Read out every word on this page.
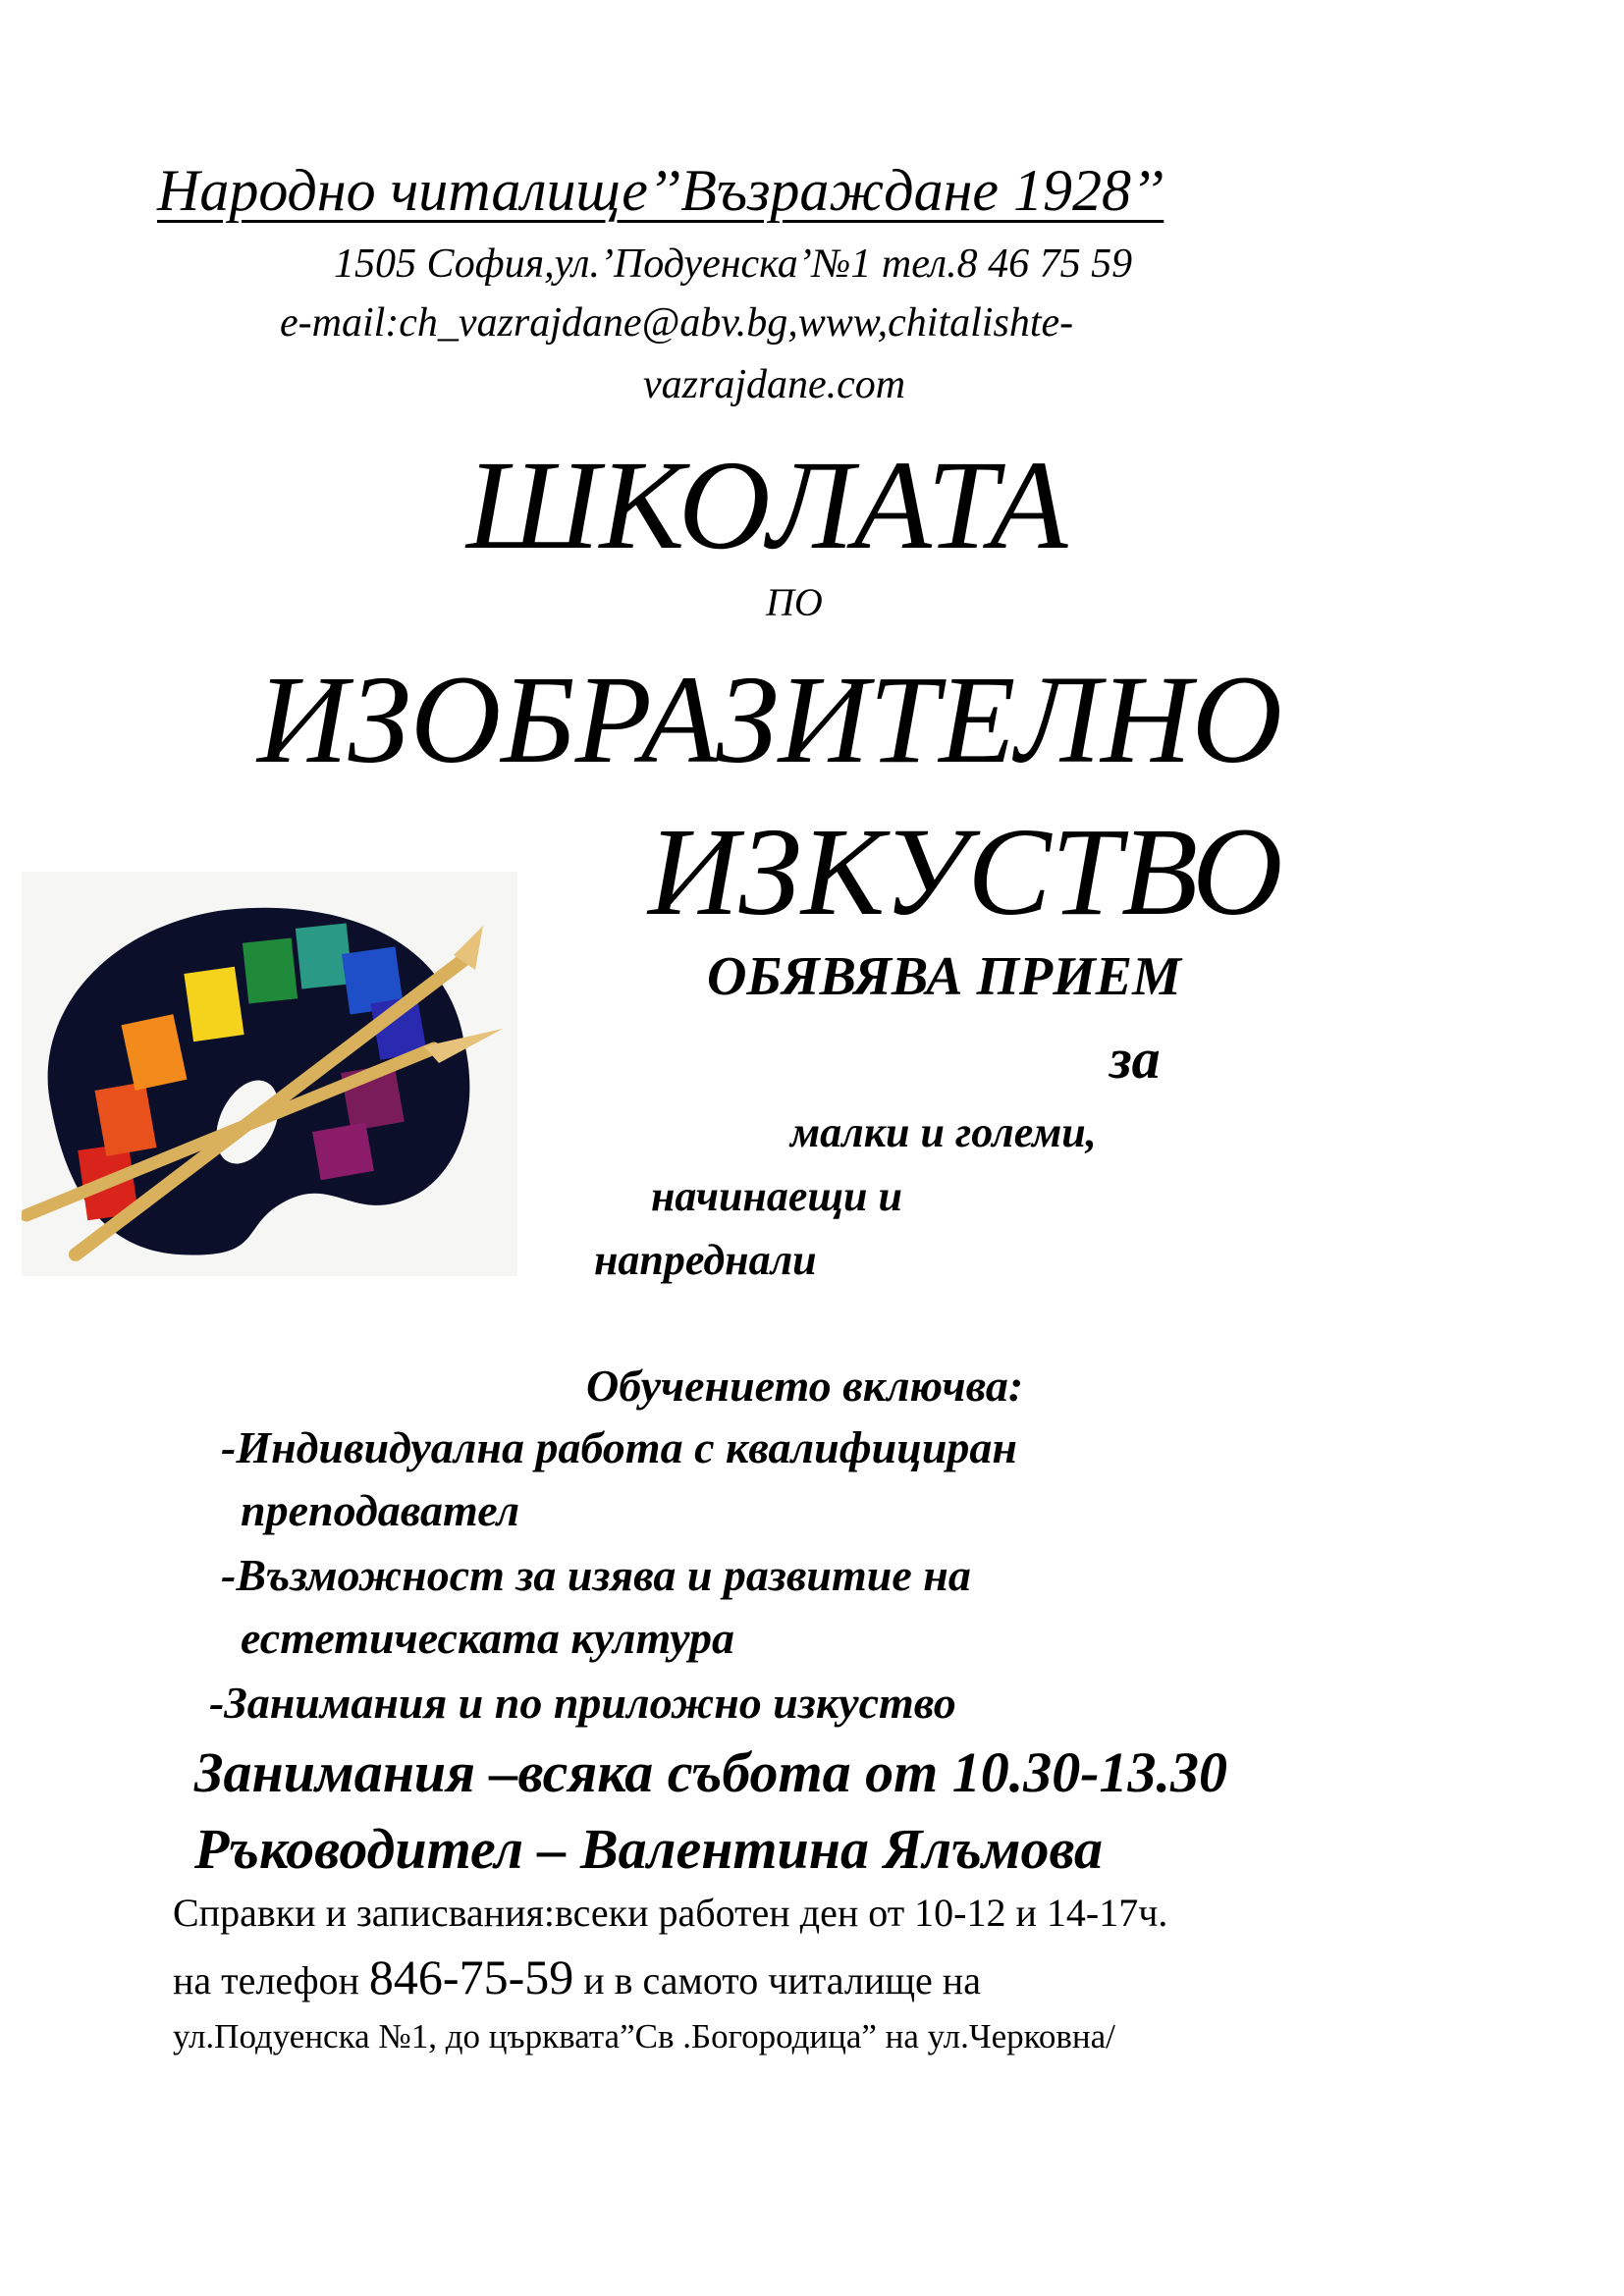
Народно читалище’’Възраждане 1928’’
1505 София,ул.’Подуенска’№1 тел.8 46 75 59
e-mail:ch_vazrajdane@abv.bg,www,chitalishte-
vazrajdane.com
ШКОЛАТА
ПО
ИЗОБРАЗИТЕЛНО
ИЗКУСТВО
ОБЯВЯВА ПРИЕМ
за
малки и големи,
начинаещи и
напреднали
Обучението включва:
-Индивидуална работа с квалифициран
преподавател
-Възможност за изява и развитие на
естетическата култура
-Занимания и по приложно изкуство
Занимания –всяка събота от 10.30-13.30
Ръководител – Валентина Ялъмова
Справки и записвания:всеки работен ден от 10-12 и 14-17ч.
на телефон 846-75-59 и в самото читалище на
ул.Подуенска №1, до църквата”Св .Богородица” на ул.Черковна/
